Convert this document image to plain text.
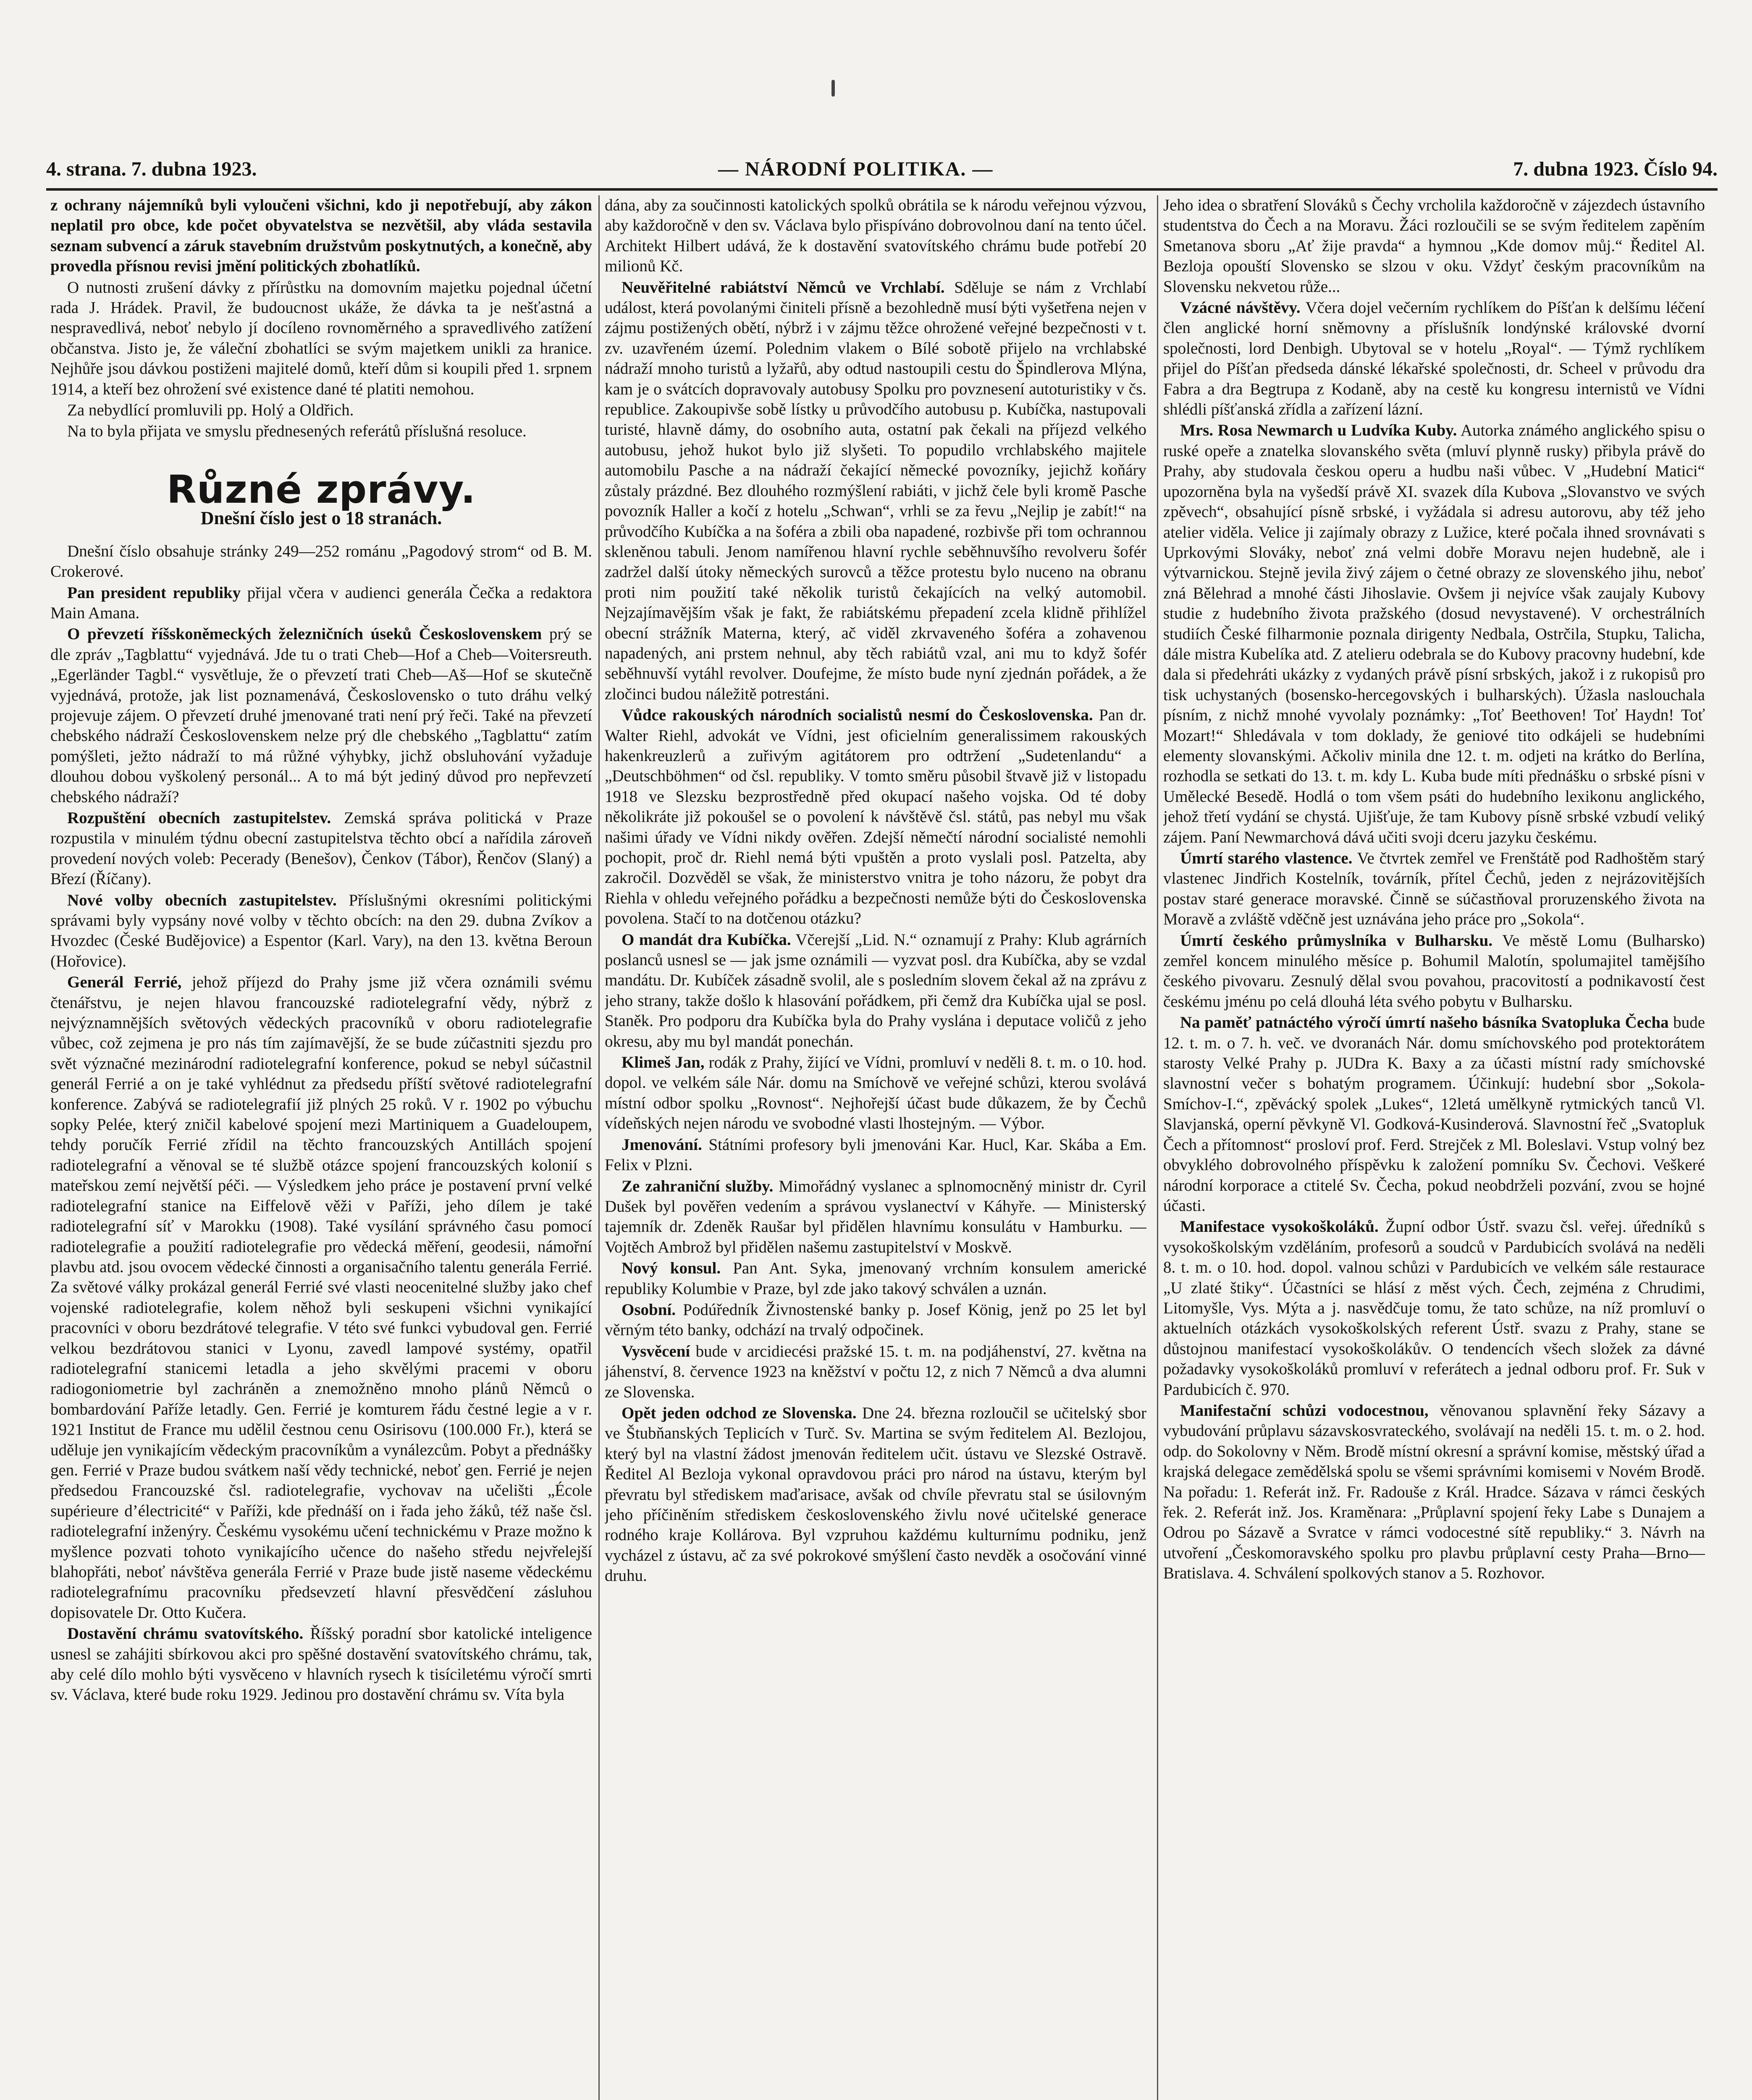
4. strana. 7. dubna 1923.	— NÁRODNÍ POLITIKA. —	7. dubna 1923. Číslo 94.

z ochrany nájemníků byli vyloučeni všichni, kdo ji nepotřebují, aby zákon neplatil pro obce, kde počet obyvatelstva se nezvětšil, aby vláda sestavila seznam subvencí a záruk stavebním družstvům poskytnutých, a konečně, aby provedla přísnou revisi jmění politických zbohatlíků.

O nutnosti zrušení dávky z přírůstku na domovním majetku pojednal účetní rada J. Hrádek. Pravil, že budoucnost ukáže, že dávka ta je nešťastná a nespravedlivá, neboť nebylo jí docíleno rovnoměrného a spravedlivého zatížení občanstva. Jisto je, že váleční zbohatlíci se svým majetkem unikli za hranice. Nejhůře jsou dávkou postiženi majitelé domů, kteří dům si koupili před 1. srpnem 1914, a kteří bez ohrožení své existence dané té platiti nemohou.

Za nebydlící promluvili pp. Holý a Oldřich.

Na to byla přijata ve smyslu přednesených referátů příslušná resoluce.

Různé zprávy.
Dnešní číslo jest o 18 stranách.

Dnešní číslo obsahuje stránky 249—252 románu „Pagodový strom“ od B. M. Crokerové.

Pan president republiky přijal včera v audienci generála Čečka a redaktora Main Amana.

O převzetí říšskoněmeckých železničních úseků Československem prý se dle zpráv „Tagblattu“ vyjednává. Jde tu o trati Cheb—Hof a Cheb—Voitersreuth. „Egerländer Tagbl.“ vysvětluje, že o převzetí trati Cheb—Aš—Hof se skutečně vyjednává, protože, jak list poznamenává, Československo o tuto dráhu velký projevuje zájem. O převzetí druhé jmenované trati není prý řeči. Také na převzetí chebského nádraží Československem nelze prý dle chebského „Tagblattu“ zatím pomýšleti, ježto nádraží to má růžné výhybky, jichž obsluhování vyžaduje dlouhou dobou vyškolený personál... A to má být jediný důvod pro nepřevzetí chebského nádraží?

Rozpuštění obecních zastupitelstev. Zemská správa politická v Praze rozpustila v minulém týdnu obecní zastupitelstva těchto obcí a nařídila zároveň provedení nových voleb: Pecerady (Benešov), Čenkov (Tábor), Řenčov (Slaný) a Březí (Říčany).

Nové volby obecních zastupitelstev. Příslušnými okresními politickými správami byly vypsány nové volby v těchto obcích: na den 29. dubna Zvíkov a Hvozdec (České Budějovice) a Espentor (Karl. Vary), na den 13. května Beroun (Hořovice).

Generál Ferrié, jehož příjezd do Prahy jsme již včera oznámili svému čtenářstvu, je nejen hlavou francouzské radiotelegrafní vědy, nýbrž z nejvýznamnějších světových vědeckých pracovníků v oboru radiotelegrafie vůbec, což zejmena je pro nás tím zajímavější, že se bude zúčastniti sjezdu pro svět význačné mezinárodní radiotelegrafní konference, pokud se nebyl súčastnil generál Ferrié a on je také vyhlédnut za předsedu příští světové radiotelegrafní konference. Zabývá se radiotelegrafií již plných 25 roků. V r. 1902 po výbuchu sopky Pelée, který zničil kabelové spojení mezi Martiniquem a Guadeloupem, tehdy poručík Ferrié zřídil na těchto francouzských Antillách spojení radiotelegrafní a věnoval se té službě otázce spojení francouzských kolonií s mateřskou zemí největší péči. — Výsledkem jeho práce je postavení první velké radiotelegrafní stanice na Eiffelově věži v Paříži, jeho dílem je také radiotelegrafní síť v Marokku (1908). Také vysílání správného času pomocí radiotelegrafie a použití radiotelegrafie pro vědecká měření, geodesii, námořní plavbu atd. jsou ovocem vědecké činnosti a organisačního talentu generála Ferrié. Za světové války prokázal generál Ferrié své vlasti neocenitelné služby jako chef vojenské radiotelegrafie, kolem něhož byli seskupeni všichni vynikající pracovníci v oboru bezdrátové telegrafie. V této své funkci vybudoval gen. Ferrié velkou bezdrátovou stanici v Lyonu, zavedl lampové systémy, opatřil radiotelegrafní stanicemi letadla a jeho skvělými pracemi v oboru radiogoniometrie byl zachráněn a znemožněno mnoho plánů Němců o bombardování Paříže letadly. Gen. Ferrié je komturem řádu čestné legie a v r. 1921 Institut de France mu udělil čestnou cenu Osirisovu (100.000 Fr.), která se uděluje jen vynikajícím vědeckým pracovníkům a vynálezcům. Pobyt a přednášky gen. Ferrié v Praze budou svátkem naší vědy technické, neboť gen. Ferrié je nejen předsedou Francouzské čsl. radiotelegrafie, vychovav na učelišti „École supérieure d’électricité“ v Paříži, kde přednáší on i řada jeho žáků, též naše čsl. radiotelegrafní inženýry. Českému vysokému učení technickému v Praze možno k myšlence pozvati tohoto vynikajícího učence do našeho středu nejvřelejší blahopřáti, neboť návštěva generála Ferrié v Praze bude jistě naseme vědeckému radiotelegrafnímu pracovníku předsevzetí hlavní přesvědčení zásluhou dopisovatele Dr. Otto Kučera.

Dostavění chrámu svatovítského. Říšský poradní sbor katolické inteligence usnesl se zahájiti sbírkovou akci pro spěšné dostavění svatovítského chrámu, tak, aby celé dílo mohlo býti vysvěceno v hlavních rysech k tisíciletému výročí smrti sv. Václava, které bude roku 1929. Jedinou pro dostavění chrámu sv. Víta byla

dána, aby za součinnosti katolických spolků obrátila se k národu veřejnou výzvou, aby každoročně v den sv. Václava bylo přispíváno dobrovolnou daní na tento účel. Architekt Hilbert udává, že k dostavění svatovítského chrámu bude potřebí 20 milionů Kč.

Neuvěřitelné rabiátství Němců ve Vrchlabí. Sděluje se nám z Vrchlabí událost, která povolanými činiteli přísně a bezohledně musí býti vyšetřena nejen v zájmu postižených obětí, nýbrž i v zájmu těžce ohrožené veřejné bezpečnosti v t. zv. uzavřeném území. Polednim vlakem o Bílé sobotě přijelo na vrchlabské nádraží mnoho turistů a lyžařů, aby odtud nastoupili cestu do Špindlerova Mlýna, kam je o svátcích dopravovaly autobusy Spolku pro povznesení autoturistiky v čs. republice. Zakoupivše sobě lístky u průvodčího autobusu p. Kubíčka, nastupovali turisté, hlavně dámy, do osobního auta, ostatní pak čekali na příjezd velkého autobusu, jehož hukot bylo již slyšeti. To popudilo vrchlabského majitele automobilu Pasche a na nádraží čekající německé povozníky, jejichž koňáry zůstaly prázdné. Bez dlouhého rozmýšlení rabiáti, v jichž čele byli kromě Pasche povozník Haller a kočí z hotelu „Schwan“, vrhli se za řevu „Nejlip je zabít!“ na průvodčího Kubíčka a na šoféra a zbili oba napadené, rozbivše při tom ochrannou skleněnou tabuli. Jenom namířenou hlavní rychle seběhnuvšího revolveru šofér zadržel další útoky německých surovců a těžce protestu bylo nuceno na obranu proti nim použití také několik turistů čekajících na velký automobil. Nejzajímavějším však je fakt, že rabiátskému přepadení zcela klidně přihlížel obecní strážník Materna, který, ač viděl zkrvaveného šoféra a zohavenou napadených, ani prstem nehnul, aby těch rabiátů vzal, ani mu to když šofér seběhnuvší vytáhl revolver. Doufejme, že místo bude nyní zjednán pořádek, a že zločinci budou náležitě potrestáni.

Vůdce rakouských národních socialistů nesmí do Československa. Pan dr. Walter Riehl, advokát ve Vídni, jest oficielním generalissimem rakouských hakenkreuzlerů a zuřivým agitátorem pro odtržení „Sudetenlandu“ a „Deutschböhmen“ od čsl. republiky. V tomto směru působil štvavě již v listopadu 1918 ve Slezsku bezprostředně před okupací našeho vojska. Od té doby několikráte již pokoušel se o povolení k návštěvě čsl. států, pas nebyl mu však našimi úřady ve Vídni nikdy ověřen. Zdejší němečtí národní socialisté nemohli pochopit, proč dr. Riehl nemá býti vpuštěn a proto vyslali posl. Patzelta, aby zakročil. Dozvěděl se však, že ministerstvo vnitra je toho názoru, že pobyt dra Riehla v ohledu veřejného pořádku a bezpečnosti nemůže býti do Československa povolena. Stačí to na dotčenou otázku?

O mandát dra Kubíčka. Včerejší „Lid. N.“ oznamují z Prahy: Klub agrárních poslanců usnesl se — jak jsme oznámili — vyzvat posl. dra Kubíčka, aby se vzdal mandátu. Dr. Kubíček zásadně svolil, ale s posledním slovem čekal až na zprávu z jeho strany, takže došlo k hlasování pořádkem, při čemž dra Kubíčka ujal se posl. Staněk. Pro podporu dra Kubíčka byla do Prahy vyslána i deputace voličů z jeho okresu, aby mu byl mandát ponechán.

Klimeš Jan, rodák z Prahy, žijící ve Vídni, promluví v neděli 8. t. m. o 10. hod. dopol. ve velkém sále Nár. domu na Smíchově ve veřejné schůzi, kterou svolává místní odbor spolku „Rovnost“. Nejhořejší účast bude důkazem, že by Čechů vídeňských nejen národu ve svobodné vlasti lhostejným. — Výbor.

Jmenování. Státními profesory byli jmenováni Kar. Hucl, Kar. Skába a Em. Felix v Plzni.

Ze zahraniční služby. Mimořádný vyslanec a splnomocněný ministr dr. Cyril Dušek byl pověřen vedením a správou vyslanectví v Káhyře. — Ministerský tajemník dr. Zdeněk Raušar byl přidělen hlavnímu konsulátu v Hamburku. — Vojtěch Ambrož byl přidělen našemu zastupitelství v Moskvě.

Nový konsul. Pan Ant. Syka, jmenovaný vrchním konsulem americké republiky Kolumbie v Praze, byl zde jako takový schválen a uznán.

Osobní. Podúředník Živnostenské banky p. Josef König, jenž po 25 let byl věrným této banky, odchází na trvalý odpočinek.

Vysvěcení bude v arcidiecési pražské 15. t. m. na podjáhenství, 27. května na jáhenství, 8. července 1923 na kněžství v počtu 12, z nich 7 Němců a dva alumni ze Slovenska.

Opět jeden odchod ze Slovenska. Dne 24. března rozloučil se učitelský sbor ve Štubňanských Teplicích v Turč. Sv. Martina se svým ředitelem Al. Bezlojou, který byl na vlastní žádost jmenován ředitelem učit. ústavu ve Slezské Ostravě. Ředitel Al Bezloja vykonal opravdovou práci pro národ na ústavu, kterým byl převratu byl střediskem maďarisace, avšak od chvíle převratu stal se úsilovným jeho příčiněním střediskem československého živlu nové učitelské generace rodného kraje Kollárova. Byl vzpruhou každému kulturnímu podniku, jenž vycházel z ústavu, ač za své pokrokové smýšlení často nevděk a osočování vinné druhu.

Jeho idea o sbratření Slováků s Čechy vrcholila každoročně v zájezdech ústavního studentstva do Čech a na Moravu. Žáci rozloučili se se svým ředitelem zapěním Smetanova sboru „Ať žije pravda“ a hymnou „Kde domov můj.“ Ředitel Al. Bezloja opouští Slovensko se slzou v oku. Vždyť českým pracovníkům na Slovensku nekvetou růže...

Vzácné návštěvy. Včera dojel večerním rychlíkem do Píšťan k delšímu léčení člen anglické horní sněmovny a příslušník londýnské královské dvorní společnosti, lord Denbigh. Ubytoval se v hotelu „Royal“. — Týmž rychlíkem přijel do Píšťan předseda dánské lékařské společnosti, dr. Scheel v průvodu dra Fabra a dra Begtrupa z Kodaně, aby na cestě ku kongresu internistů ve Vídni shlédli píšťanská zřídla a zařízení lázní.

Mrs. Rosa Newmarch u Ludvíka Kuby. Autorka známého anglického spisu o ruské opeře a znatelka slovanského světa (mluví plynně rusky) přibyla právě do Prahy, aby studovala českou operu a hudbu naši vůbec. V „Hudební Matici“ upozorněna byla na vyšedší právě XI. svazek díla Kubova „Slovanstvo ve svých zpěvech“, obsahující písně srbské, i vyžádala si adresu autorovu, aby též jeho atelier viděla. Velice ji zajímaly obrazy z Lužice, které počala ihned srovnávati s Uprkovými Slováky, neboť zná velmi dobře Moravu nejen hudebně, ale i výtvarnickou. Stejně jevila živý zájem o četné obrazy ze slovenského jihu, neboť zná Bělehrad a mnohé části Jihoslavie. Ovšem ji nejvíce však zaujaly Kubovy studie z hudebního života pražského (dosud nevystavené). V orchestrálních studiích České filharmonie poznala dirigenty Nedbala, Ostrčila, Stupku, Talicha, dále mistra Kubelíka atd. Z atelieru odebrala se do Kubovy pracovny hudební, kde dala si předehráti ukázky z vydaných právě písní srbských, jakož i z rukopisů pro tisk uchystaných (bosensko-hercegovských i bulharských). Úžasla naslouchala písním, z nichž mnohé vyvolaly poznámky: „Toť Beethoven! Toť Haydn! Toť Mozart!“ Shledávala v tom doklady, že geniové tito odkájeli se hudebními elementy slovanskými. Ačkoliv minila dne 12. t. m. odjeti na krátko do Berlína, rozhodla se setkati do 13. t. m. kdy L. Kuba bude míti přednášku o srbské písni v Umělecké Besedě. Hodlá o tom všem psáti do hudebního lexikonu anglického, jehož třetí vydání se chystá. Ujišťuje, že tam Kubovy písně srbské vzbudí veliký zájem. Paní Newmarchová dává učiti svoji dceru jazyku českému.

Úmrtí starého vlastence. Ve čtvrtek zemřel ve Frenštátě pod Radhoštěm starý vlastenec Jindřich Kostelník, továrník, přítel Čechů, jeden z nejrázovitějších postav staré generace moravské. Činně se súčastňoval proruzenského života na Moravě a zvláště vděčně jest uznávána jeho práce pro „Sokola“.

Úmrtí českého průmyslníka v Bulharsku. Ve městě Lomu (Bulharsko) zemřel koncem minulého měsíce p. Bohumil Malotín, spolumajitel tamějšího českého pivovaru. Zesnulý dělal svou povahou, pracovitostí a podnikavostí čest českému jménu po celá dlouhá léta svého pobytu v Bulharsku.

Na paměť patnáctého výročí úmrtí našeho básníka Svatopluka Čecha bude 12. t. m. o 7. h. več. ve dvoranách Nár. domu smíchovského pod protektorátem starosty Velké Prahy p. JUDra K. Baxy a za účasti místní rady smíchovské slavnostní večer s bohatým programem. Účinkují: hudební sbor „Sokola-Smíchov-I.“, zpěvácký spolek „Lukes“, 12letá umělkyně rytmických tanců Vl. Slavjanská, operní pěvkyně Vl. Godková-Kusinderová. Slavnostní řeč „Svatopluk Čech a přítomnost“ prosloví prof. Ferd. Strejček z Ml. Boleslavi. Vstup volný bez obvyklého dobrovolného příspěvku k založení pomníku Sv. Čechovi. Veškeré národní korporace a ctitelé Sv. Čecha, pokud neobdrželi pozvání, zvou se hojné účasti.

Manifestace vysokoškoláků. Župní odbor Ústř. svazu čsl. veřej. úředníků s vysokoškolským vzděláním, profesorů a soudců v Pardubicích svolává na neděli 8. t. m. o 10. hod. dopol. valnou schůzi v Pardubicích ve velkém sále restaurace „U zlaté štiky“. Účastníci se hlásí z měst vých. Čech, zejména z Chrudimi, Litomyšle, Vys. Mýta a j. nasvědčuje tomu, že tato schůze, na níž promluví o aktuelních otázkách vysokoškolských referent Ústř. svazu z Prahy, stane se důstojnou manifestací vysokoškolákův. O tendencích všech složek za dávné požadavky vysokoškoláků promluví v referátech a jednal odboru prof. Fr. Suk v Pardubicích č. 970.

Manifestační schůzi vodocestnou, věnovanou splavnění řeky Sázavy a vybudování průplavu sázavskosvrateckého, svolávají na neděli 15. t. m. o 2. hod. odp. do Sokolovny v Něm. Brodě místní okresní a správní komise, městský úřad a krajská delegace zemědělská spolu se všemi správními komisemi v Novém Brodě. Na pořadu: 1. Referát inž. Fr. Radouše z Král. Hradce. Sázava v rámci českých řek. 2. Referát inž. Jos. Kraměnara: „Průplavní spojení řeky Labe s Dunajem a Odrou po Sázavě a Svratce v rámci vodocestné sítě republiky.“ 3. Návrh na utvoření „Českomoravského spolku pro plavbu průplavní cesty Praha—Brno—Bratislava. 4. Schválení spolkových stanov a 5. Rozhovor.
